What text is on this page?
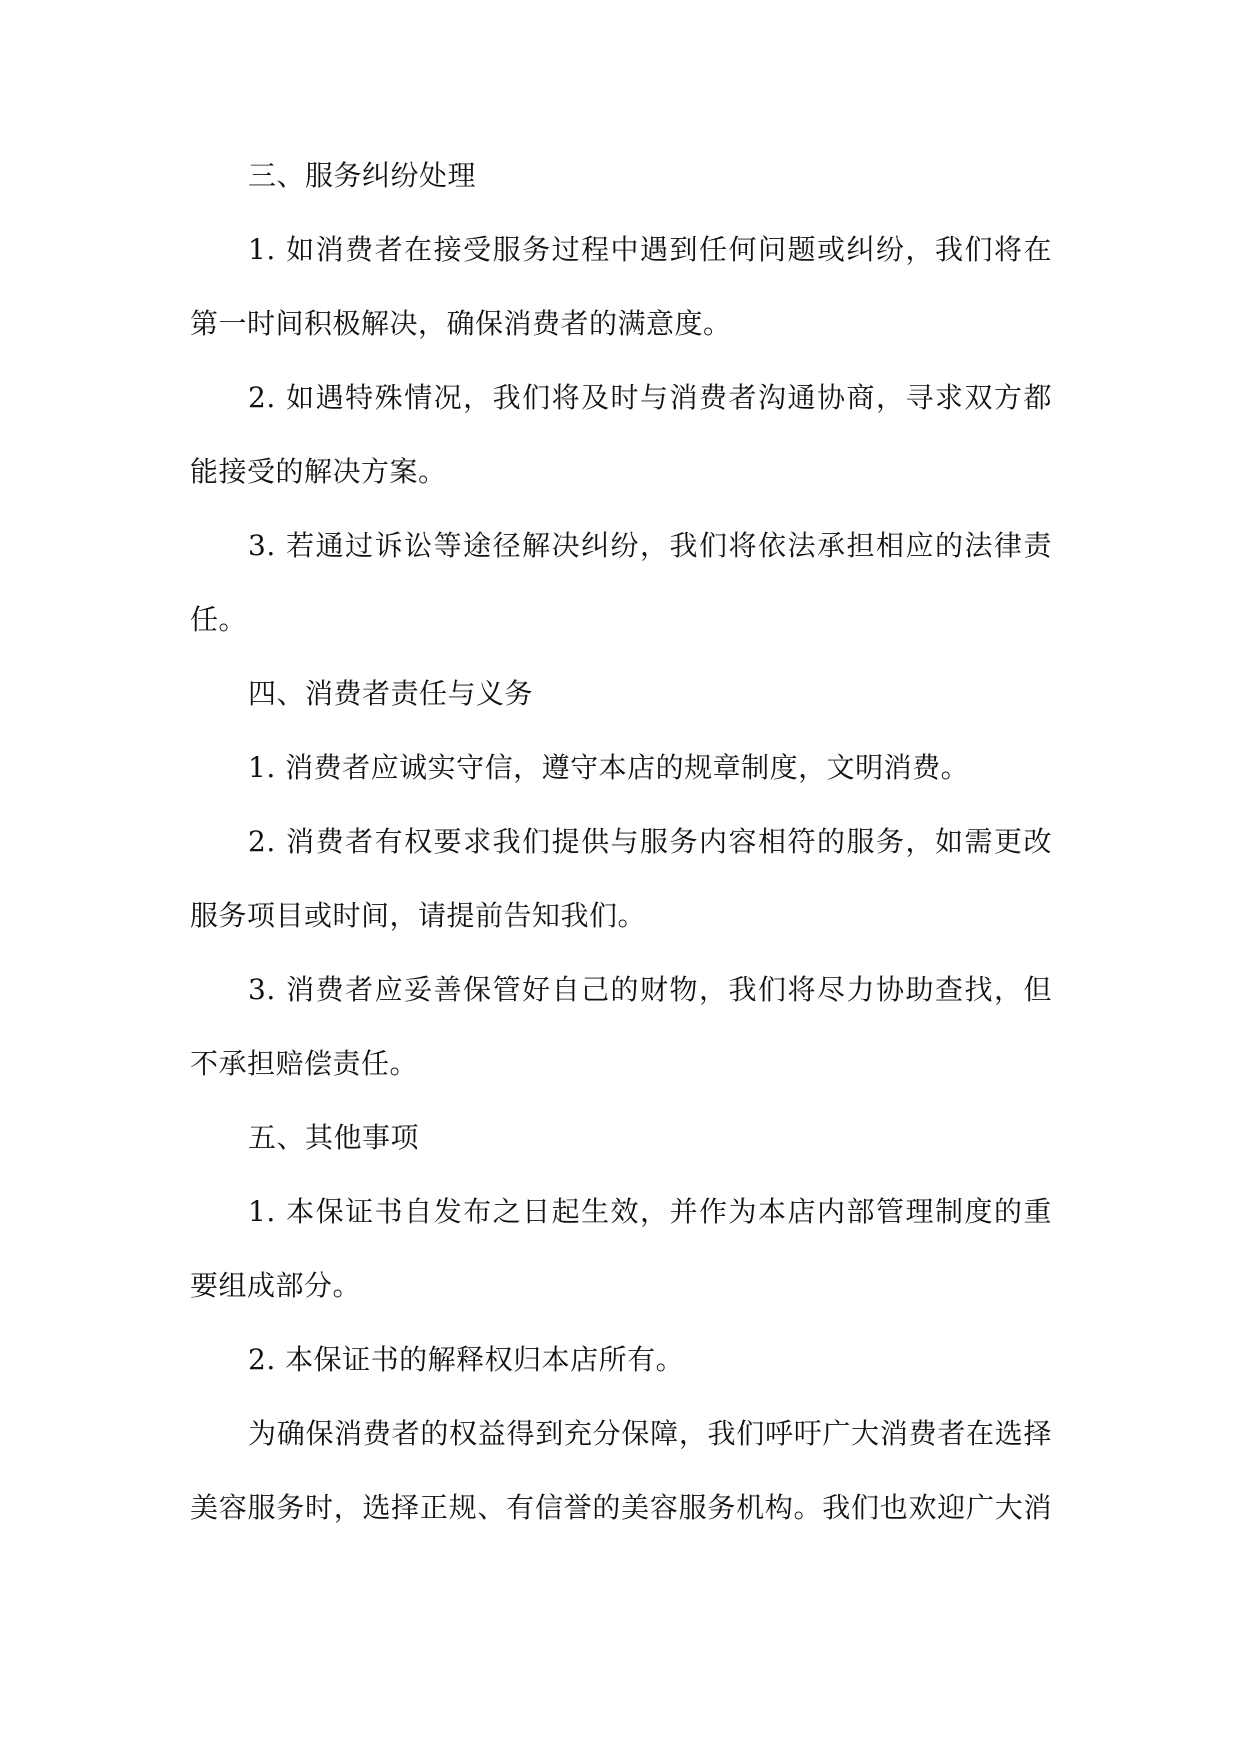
三、服务纠纷处理
1. 如消费者在接受服务过程中遇到任何问题或纠纷，我们将在
第一时间积极解决，确保消费者的满意度。
2. 如遇特殊情况，我们将及时与消费者沟通协商，寻求双方都
能接受的解决方案。
3. 若通过诉讼等途径解决纠纷，我们将依法承担相应的法律责
任。
四、消费者责任与义务
1. 消费者应诚实守信，遵守本店的规章制度，文明消费。
2. 消费者有权要求我们提供与服务内容相符的服务，如需更改
服务项目或时间，请提前告知我们。
3. 消费者应妥善保管好自己的财物，我们将尽力协助查找，但
不承担赔偿责任。
五、其他事项
1. 本保证书自发布之日起生效，并作为本店内部管理制度的重
要组成部分。
2. 本保证书的解释权归本店所有。
为确保消费者的权益得到充分保障，我们呼吁广大消费者在选择
美容服务时，选择正规、有信誉的美容服务机构。我们也欢迎广大消
